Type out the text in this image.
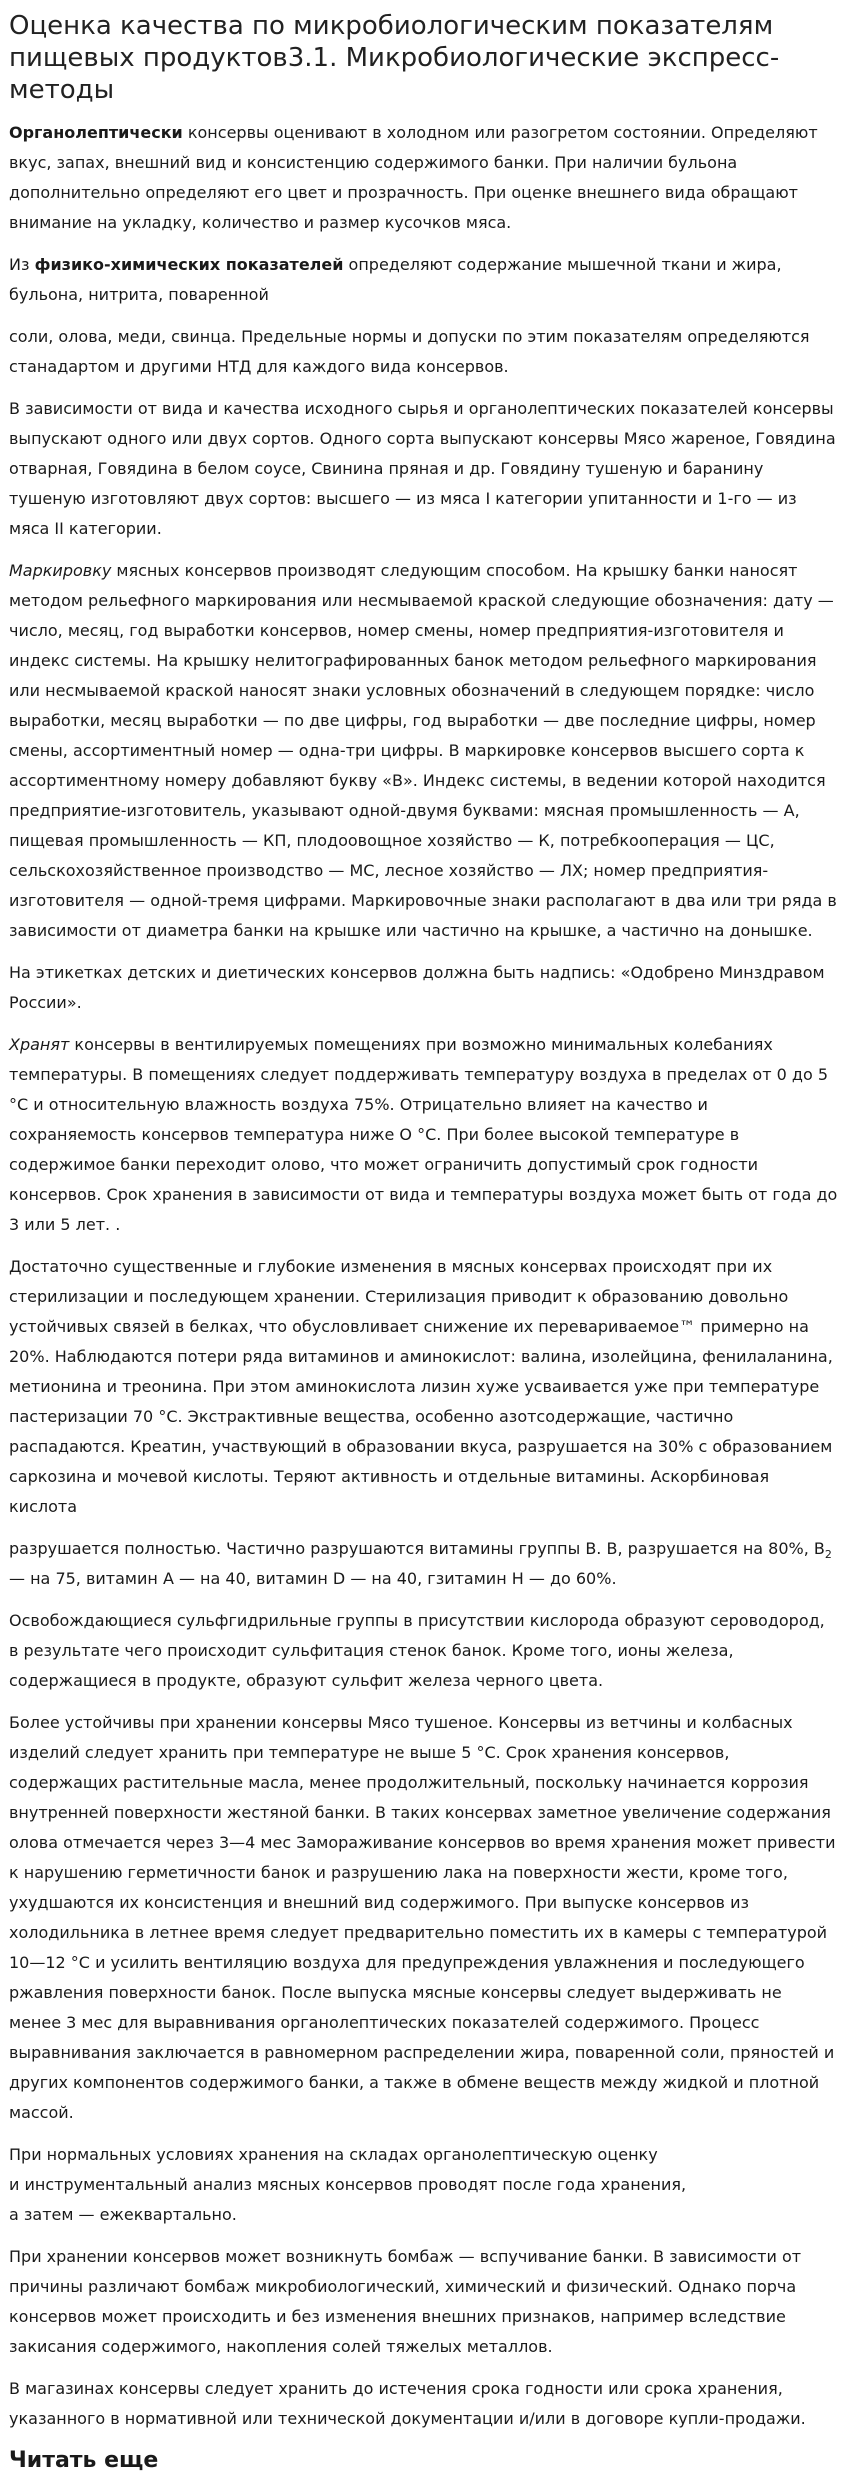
Оценка качества по микробиологическим показателям пищевых продуктов3.1. Микробиологические экспресс-методы

Органолептически консервы оценивают в холодном или разогретом состоянии. Определяют вкус, запах, внешний вид и консистенцию содержимого банки. При наличии бульона дополнительно определяют его цвет и прозрачность. При оценке внешнего вида обращают внимание на укладку, количество и размер кусочков мяса.

Из физико-химических показателей определяют содержание мышечной ткани и жира, бульона, нитрита, поваренной

соли, олова, меди, свинца. Предельные нормы и допуски по этим показателям определяются станадартом и другими НТД для каждого вида консервов.

В зависимости от вида и качества исходного сырья и органолептических показателей консервы выпускают одного или двух сортов. Одного сорта выпускают консервы Мясо жареное, Говядина отварная, Говядина в белом соусе, Свинина пряная и др. Говядину тушеную и баранину тушеную изготовляют двух сортов: высшего — из мяса I категории упитанности и 1-го — из мяса II категории.

Маркировку мясных консервов производят следующим способом. На крышку банки наносят методом рельефного маркирования или несмываемой краской следующие обозначения: дату — число, месяц, год выработки консервов, номер смены, номер предприятия-изготовителя и индекс системы. На крышку нелитографированных банок методом рельефного маркирования или несмываемой краской наносят знаки условных обозначений в следующем порядке: число выработки, месяц выработки — по две цифры, год выработки — две последние цифры, номер смены, ассортиментный номер — одна-три цифры. В маркировке консервов высшего сорта к ассортиментному номеру добавляют букву «В». Индекс системы, в ведении которой находится предприятие-изготовитель, указывают одной-двумя буквами: мясная промышленность — А, пищевая промышленность — КП, плодоовощное хозяйство — К, потребкооперация — ЦС, сельскохозяйственное производство — МС, лесное хозяйство — ЛХ; номер предприятия-изготовителя — одной-тремя цифрами. Маркировочные знаки располагают в два или три ряда в зависимости от диаметра банки на крышке или частично на крышке, а частично на донышке.

На этикетках детских и диетических консервов должна быть надпись: «Одобрено Минздравом России».

Хранят консервы в вентилируемых помещениях при возможно минимальных колебаниях температуры. В помещениях следует поддерживать температуру воздуха в пределах от 0 до 5 °С и относительную влажность воздуха 75%. Отрицательно влияет на качество и сохраняемость консервов температура ниже О °С. При более высокой температуре в содержимое банки переходит олово, что может ограничить допустимый срок годности консервов. Срок хранения в зависимости от вида и температуры воздуха может быть от года до 3 или 5 лет. .

Достаточно существенные и глубокие изменения в мясных консервах происходят при их стерилизации и последующем хранении. Стерилизация приводит к образованию довольно устойчивых связей в белках, что обусловливает снижение их перевариваемое™ примерно на 20%. Наблюдаются потери ряда витаминов и аминокислот: валина, изолейцина, фенилаланина, метионина и треонина. При этом аминокислота лизин хуже усваивается уже при температуре пастеризации 70 °С. Экстрактивные вещества, особенно азотсодержащие, частично распадаются. Креатин, участвующий в образовании вкуса, разрушается на 30% с образованием саркозина и мочевой кислоты. Теряют активность и отдельные витамины. Аскорбиновая кислота

разрушается полностью. Частично разрушаются витамины группы В. В, разрушается на 80%, $В_2$ — на 75, витамин А — на 40, витамин D — на 40, гзитамин Н — до 60%.

Освобождающиеся сульфгидрильные группы в присутствии кислорода образуют сероводород, в результате чего происходит сульфитация стенок банок. Кроме того, ионы железа, содержащиеся в продукте, образуют сульфит железа черного цвета.

Более устойчивы при хранении консервы Мясо тушеное. Консервы из ветчины и колбасных изделий следует хранить при температуре не выше 5 °С. Срок хранения консервов, содержащих растительные масла, менее продолжительный, поскольку начинается коррозия внутренней поверхности жестяной банки. В таких консервах заметное увеличение содержания олова отмечается через 3—4 мес Замораживание консервов во время хранения может привести к нарушению герметичности банок и разрушению лака на поверхности жести, кроме того, ухудшаются их консистенция и внешний вид содержимого. При выпуске консервов из холодильника в летнее время следует предварительно поместить их в камеры с температурой 10—12 °С и усилить вентиляцию воздуха для предупреждения увлажнения и последующего ржавления поверхности банок. После выпуска мясные консервы следует выдерживать не менее 3 мес для выравнивания органолептических показателей содержимого. Процесс выравнивания заключается в равномерном распределении жира, поваренной соли, пряностей и других компонентов содержимого банки, а также в обмене веществ между жидкой и плотной массой.

При нормальных условиях хранения на складах органолептическую оценку
и инструментальный анализ мясных консервов проводят после года хранения,
а затем — ежеквартально.

При хранении консервов может возникнуть бомбаж — вспучивание банки. В зависимости от причины различают бомбаж микробиологический, химический и физический. Однако порча консервов может происходить и без изменения внешних признаков, например вследствие закисания содержимого, накопления солей тяжелых металлов.

В магазинах консервы следует хранить до истечения срока годности или срока хранения, указанного в нормативной или технической документации и/или в договоре купли-продажи.

Читать еще
